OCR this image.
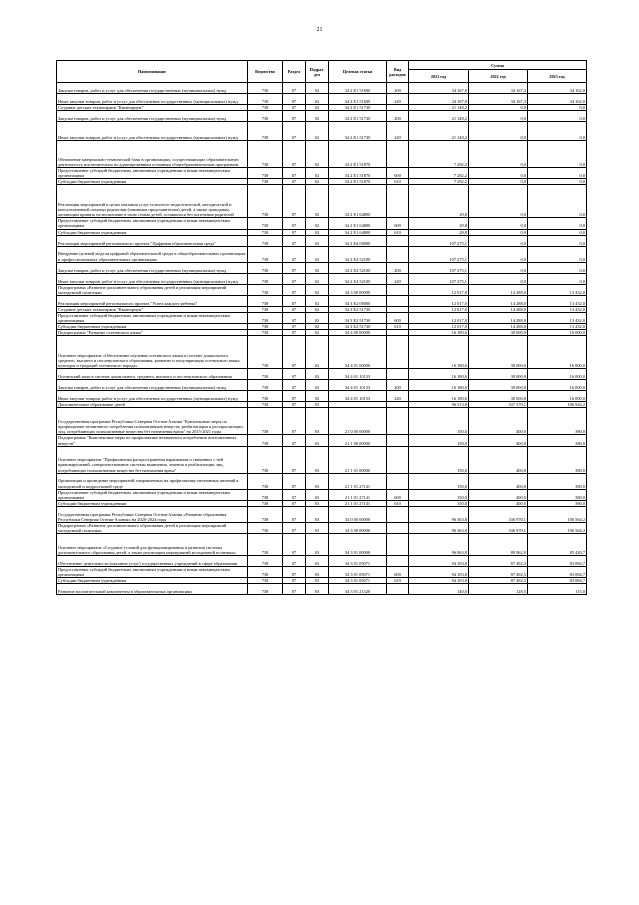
21
Наименование	Ведомство	Раздел	Подраз-дел	Целевая статья	Вид расходов	Сумма		
						2021 год	2022 год	2023 год
Закупка товаров, работ и услуг для обеспечения государственных (муниципальных) нужд	738	07	02	34 2 E1 51690	200	34 167,0	34 167,3	34 162,0
Иные закупки товаров, работ и услуг для обеспечения государственных (муниципальных) нужд	738	07	02	34 2 E1 51690	240	34 167,0	34 167,3	34 162,0
Создание детских технопарков "Кванториум"	738	07	02	34 2 E1 51730		21 148,2	0,0	0,0
Закупка товаров, работ и услуг для обеспечения государственных (муниципальных) нужд	738	07	02	34 2 E1 51730	200	21 148,2	0,0	0,0
Иные закупки товаров, работ и услуг для обеспечения государственных (муниципальных) нужд	738	07	02	34 2 E1 51730	240	21 148,2	0,0	0,0
Обновление материально-технической базы в организациях, осуществляющих образовательную деятельность исключительно по адаптированным основным общеобразовательным программам	738	07	02	34 2 E1 51870		7 282,2	0,0	0,0
Предоставление субсидий бюджетным, автономным учреждениям и иным некоммерческим организациям	738	07	02	34 2 E1 51870	600	7 282,2	0,0	0,0
Субсидии бюджетным учреждениям	738	07	02	34 2 E1 51870	610	7 282,2	0,0	0,0
Реализация мероприятий в целях оказания услуг психолого-педагогической, методической и консультативной помощи родителям (законным представителям) детей, а также гражданам, желающим принять на воспитание в свою семью детей, оставшихся без попечения родителей	738	07	02	34 2 E1 64800		29,8	0,0	0,0
Предоставление субсидий бюджетным, автономным учреждениям и иным некоммерческим организациям	738	07	02	34 2 E1 64800	600	29,8	0,0	0,0
Субсидии бюджетным учреждениям	738	07	02	34 2 E1 64800	610	29,8	0,0	0,0
Реализация мероприятий регионального проекта "Цифровая образовательная среда"	738	07	02	34 2 E4 00000		107 275,1	0,0	0,0
Внедрение целевой модели цифровой образовательной среды в общеобразовательных организациях и профессиональных образовательных организациях	738	07	02	34 2 E4 52100		107 275,1	0,0	0,0
Закупка товаров, работ и услуг для обеспечения государственных (муниципальных) нужд	738	07	02	34 2 E4 52100	200	107 275,1	0,0	0,0
Иные закупки товаров, работ и услуг для обеспечения государственных (муниципальных) нужд	738	07	02	34 2 E4 52100	240	107 275,1	0,0	0,0
Подпрограмма «Развитие дополнительного образования детей и реализация мероприятий молодежной политики»	738	07	02	34 3 00 00000		12 017,0	14 288,0	13 432,0
Реализация мероприятий регионального проекта "Успех каждого ребенка"	738	07	02	34 3 E2 00000		12 017,0	14 288,0	13 432,0
Создание детских технопарков "Кванториум"	738	07	02	34 3 E2 51730		12 017,0	14 288,0	13 432,0
Предоставление субсидий бюджетным, автономным учреждениям и иным некоммерческим организациям	738	07	02	34 3 E2 51730	600	12 017,0	14 288,0	13 432,0
Субсидии бюджетным учреждениям	738	07	02	34 3 E2 51730	610	12 017,0	14 288,0	13 432,0
Подпрограмма "Развитие осетинского языка"	738	07	02	34 4 00 00000		16 180,6	30 000,0	16 000,0
Основное мероприятие «Обеспечение изучения осетинского языка в системе дошкольного, среднего, высшего и послевузовского образования, развитие и популяризация осетинского языка, культуры и традиций осетинского народа»	738	07	02	34 4 01 00000		16 180,6	30 000,0	16 000,0
Осетинский язык в системе дошкольного, среднего, высшего и послевузовского образования	738	07	02	34 4 01 10133		16 180,6	30 000,0	16 000,0
Закупка товаров, работ и услуг для обеспечения государственных (муниципальных) нужд	738	07	02	34 4 01 10133	200	16 180,6	30 000,0	16 000,0
Иные закупки товаров, работ и услуг для обеспечения государственных (муниципальных) нужд	738	07	02	34 4 01 10133	240	16 180,6	30 000,0	16 000,0
Дополнительное образование детей	738	07	03			96 513,8	337 370,1	106 944,2
Государственная программа Республики Северная Осетия-Алания "Комплексные меры по профилактике незаконного потребления психоактивных веществ, реабилитации и ресоциализации лиц, потребляющих психоактивные вещества без назначения врача" на 2015-2021 годы	738	07	03	21 0 00 00000		150,0	400,0	380,0
Подпрограмма "Комплексные меры по профилактике незаконного потребления психоактивных веществ"	738	07	03	21 1 00 00000		150,0	400,0	380,0
Основное мероприятие "Профилактика распространения наркомании и связанных с ней правонарушений, совершенствование системы выявления, лечения и реабилитации лиц, потребляющих психоактивные вещества без назначения врача"	738	07	03	21 1 01 00000		150,0	400,0	380,0
Организация и проведение мероприятий, направленных на профилактику негативных явлений в молодежной и подростковой среде	738	07	03	21 1 01 27141		150,0	400,0	380,0
Предоставление субсидий бюджетным, автономным учреждениям и иным некоммерческим организациям	738	07	03	21 1 01 27141	600	150,0	400,0	380,0
Субсидии бюджетным учреждениям	738	07	03	21 1 01 27141	610	150,0	400,0	380,0
Государственная программа Республики Северная Осетия-Алания «Развитие образования Республики Северная Осетия-Алания» на 2020-2024 годы	738	07	03	34 0 00 00000		96 363,8	336 970,1	106 564,2
Подпрограмма «Развитие дополнительного образования детей и реализация мероприятий молодежной политики»	738	07	03	34 3 00 00000		96 363,8	336 970,1	106 564,2
Основное мероприятие «Создание условий для функционирования и развития системы дополнительного образования детей, а также реализации мероприятий молодежной политики»	738	07	03	34 3 01 00000		96 063,8	89 962,8	85 420,7
Обеспечение деятельности (оказание услуг) государственных учреждений в сфере образования	738	07	03	34 3 01 05071		94 103,8	87 492,3	83 084,7
Предоставление субсидий бюджетным, автономным учреждениям и иным некоммерческим организациям	738	07	03	34 3 01 05071	600	94 103,8	87 492,3	83 084,7
Субсидии бюджетным учреждениям	738	07	03	34 3 01 05071	610	94 103,8	87 492,3	83 084,7
Развитие воспитательной компоненты в образовательных организациях	738	07	03	34 3 01 21320		140,0	128,5	115,0
